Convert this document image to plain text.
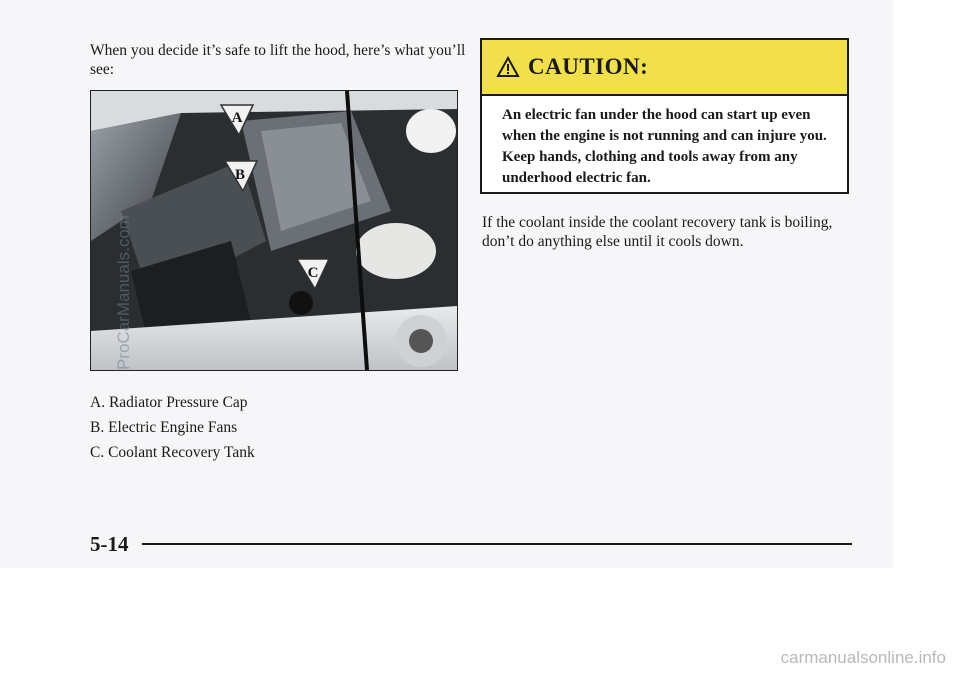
When you decide it’s safe to lift the hood, here’s what you’ll see:

A
B
C
A. Radiator Pressure Cap
B. Electric Engine Fans
C. Coolant Recovery Tank
CAUTION:
An electric fan under the hood can start up even when the engine is not running and can injure you. Keep hands, clothing and tools away from any underhood electric fan.

If the coolant inside the coolant recovery tank is boiling, don’t do anything else until it cools down.

5-14
ProCarManuals.com
carmanualsonline.info
